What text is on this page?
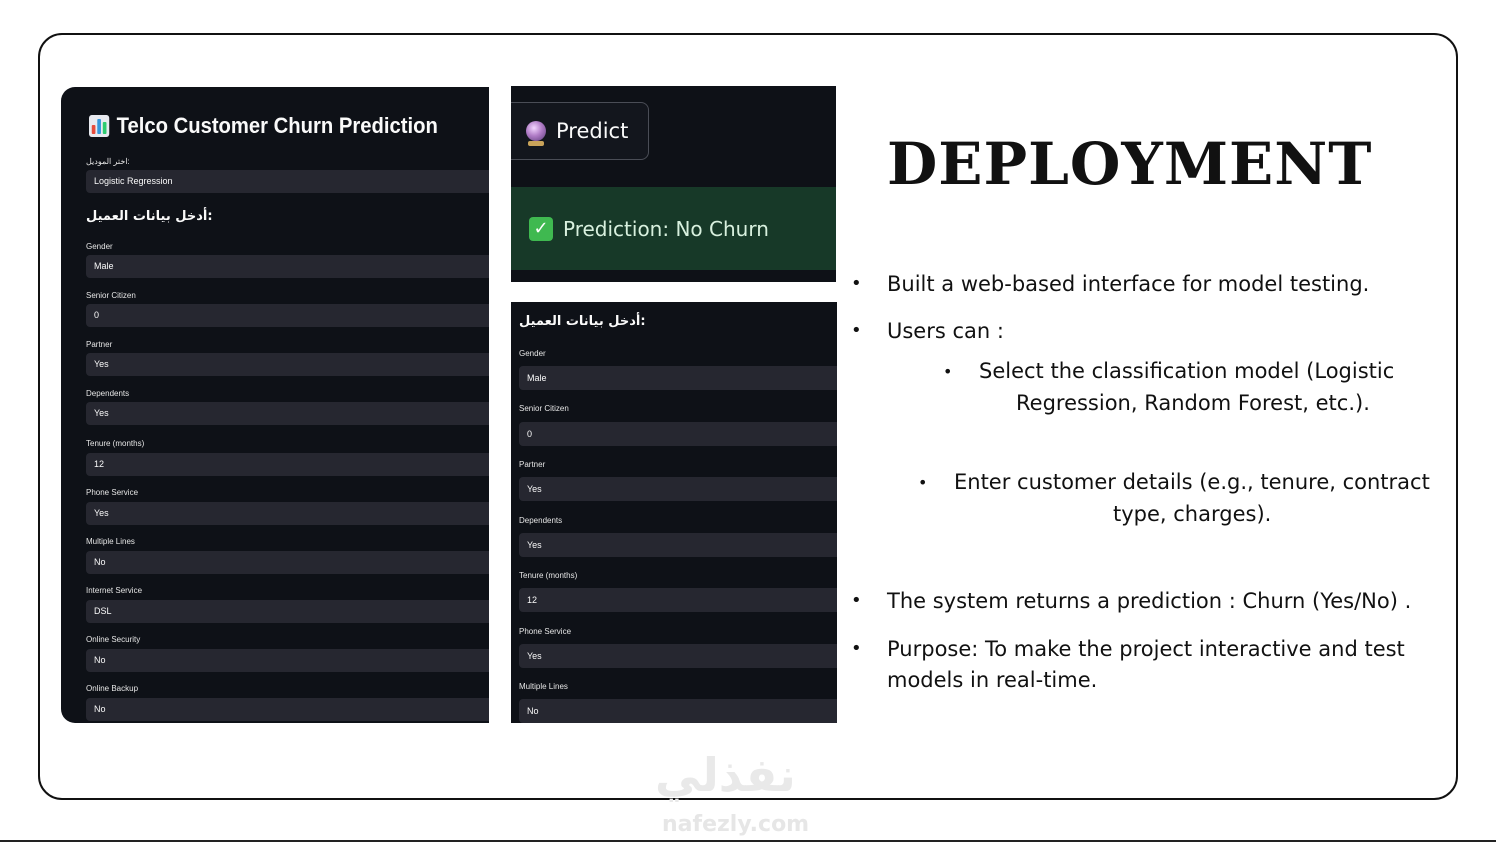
Telco Customer Churn Prediction
اختر الموديل:
Logistic Regression
أدخل بيانات العميل:
Gender
Male
Senior Citizen
0
Partner
Yes
Dependents
Yes
Tenure (months)
12
Phone Service
Yes
Multiple Lines
No
Internet Service
DSL
Online Security
No
Online Backup
No
Predict
✓ Prediction: No Churn
أدخل بيانات العميل:
Gender
Male
Senior Citizen
0
Partner
Yes
Dependents
Yes
Tenure (months)
12
Phone Service
Yes
Multiple Lines
No
DEPLOYMENT
• Built a web-based interface for model testing.
• Users can :
• Select the classification model (Logistic
Regression, Random Forest, etc.).
• Enter customer details (e.g., tenure, contract
type, charges).
• The system returns a prediction : Churn (Yes/No) .
• Purpose: To make the project interactive and test
models in real-time.
نفذلي
nafezly.com
